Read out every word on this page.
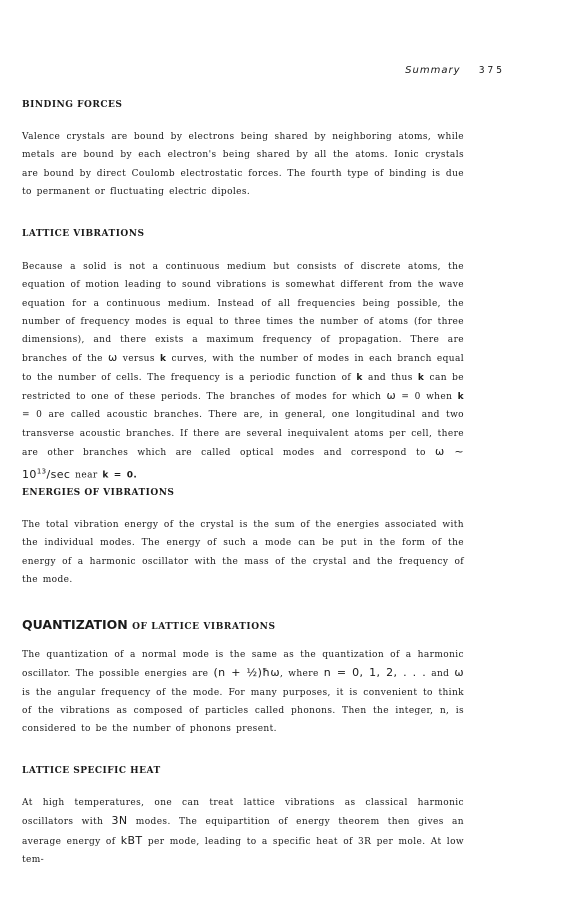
Summary 375
BINDING FORCES

Valence crystals are bound by electrons being shared by neighboring atoms, while metals are bound by each electron's being shared by all the atoms. Ionic crystals are bound by direct Coulomb electrostatic forces. The fourth type of binding is due to permanent or fluctuating electric dipoles.

LATTICE VIBRATIONS

Because a solid is not a continuous medium but consists of discrete atoms, the equation of motion leading to sound vibrations is somewhat different from the wave equation for a continuous medium. Instead of all frequencies being possible, the number of frequency modes is equal to three times the number of atoms (for three dimensions), and there exists a maximum frequency of propagation. There are branches of the ω versus k curves, with the number of modes in each branch equal to the number of cells. The frequency is a periodic function of k and thus k can be restricted to one of these periods. The branches of modes for which ω = 0 when k = 0 are called acoustic branches. There are, in general, one longitudinal and two transverse acoustic branches. If there are several inequivalent atoms per cell, there are other branches which are called optical modes and correspond to ω ~ $10^{13}/\sec$ near k = 0.

ENERGIES OF VIBRATIONS

The total vibration energy of the crystal is the sum of the energies associated with the individual modes. The energy of such a mode can be put in the form of the energy of a harmonic oscillator with the mass of the crystal and the frequency of the mode.

QUANTIZATION OF LATTICE VIBRATIONS

The quantization of a normal mode is the same as the quantization of a harmonic oscillator. The possible energies are (n + ½)ħω, where n = 0, 1, 2, . . . and ω is the angular frequency of the mode. For many purposes, it is convenient to think of the vibrations as composed of particles called phonons. Then the integer, n, is considered to be the number of phonons present.

LATTICE SPECIFIC HEAT

At high temperatures, one can treat lattice vibrations as classical harmonic oscillators with 3N modes. The equipartition of energy theorem then gives an average energy of kBT per mode, leading to a specific heat of 3R per mole. At low tem-
